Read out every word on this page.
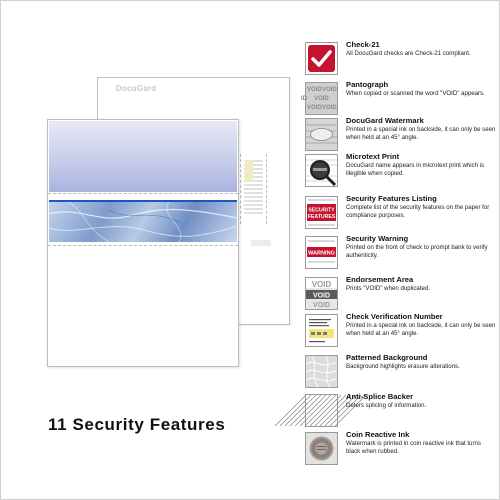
DocuGard
11 Security Features
Check-21
All DocuGard checks are Check-21 compliant.
VOID VOID
VOID
ID
VOID VOID
Pantograph
When copied or scanned the word "VOID" appears.
DocuGard Watermark
Printed in a special ink on backside, it can only be seen when held at an 45° angle.
Microtext Print
DocuGard name appears in microtext print which is illegible when copied.
SECURITY
FEATURES
Security Features Listing
Complete list of the security features on the paper for compliance purposes.
WARNING
Security Warning
Printed on the front of check to prompt bank to verify authenticity.
VOID
VOID
VOID
Endorsement Area
Prints "VOID" when duplicated.
Check Verification Number
Printed in a special ink on backside, it can only be seen when held at an 45° angle.
Patterned Background
Background highlights erasure alterations.
Anti-Splice Backer
Deters splicing of information.
Coin Reactive Ink
Watermark is printed in coin reactive ink that turns black when rubbed.
